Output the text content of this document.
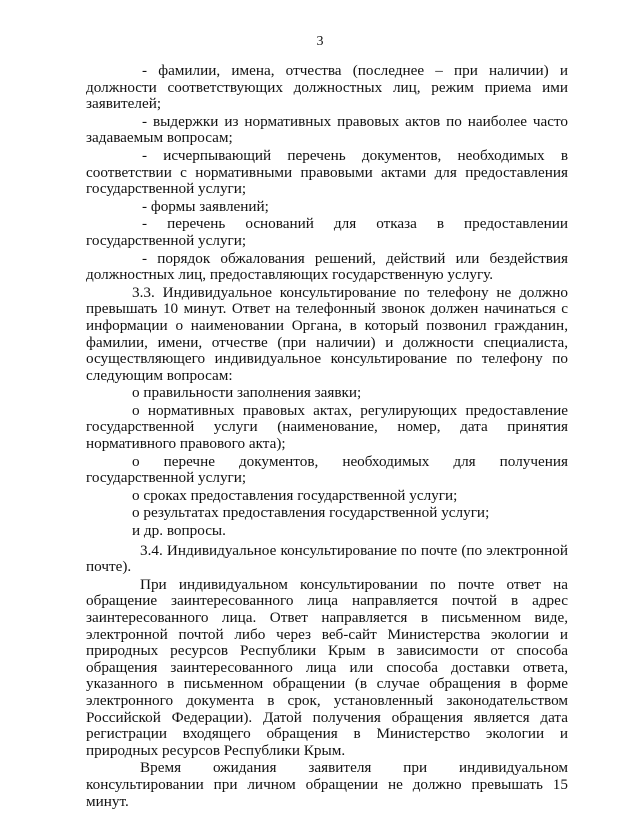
3

- фамилии, имена, отчества (последнее – при наличии) и должности соответствующих должностных лиц, режим приема ими заявителей;

- выдержки из нормативных правовых актов по наиболее часто задаваемым вопросам;

- исчерпывающий перечень документов, необходимых в соответствии с нормативными правовыми актами для предоставления государственной услуги;

- формы заявлений;

- перечень оснований для отказа в предоставлении государственной услуги;

- порядок обжалования решений, действий или бездействия должностных лиц, предоставляющих государственную услугу.

3.3. Индивидуальное консультирование по телефону не должно превышать 10 минут. Ответ на телефонный звонок должен начинаться с информации о наименовании Органа, в который позвонил гражданин, фамилии, имени, отчестве (при наличии) и должности специалиста, осуществляющего индивидуальное консультирование по телефону по следующим вопросам:

о правильности заполнения заявки;

о нормативных правовых актах, регулирующих предоставление государственной услуги (наименование, номер, дата принятия нормативного правового акта);

о перечне документов, необходимых для получения государственной услуги;

о сроках предоставления государственной услуги;

о результатах предоставления государственной услуги;

и др. вопросы.

3.4. Индивидуальное консультирование по почте (по электронной почте).

При индивидуальном консультировании по почте ответ на обращение заинтересованного лица направляется почтой в адрес заинтересованного лица. Ответ направляется в письменном виде, электронной почтой либо через веб-сайт Министерства экологии и природных ресурсов Республики Крым в зависимости от способа обращения заинтересованного лица или способа доставки ответа, указанного в письменном обращении (в случае обращения в форме электронного документа в срок, установленный законодательством Российской Федерации). Датой получения обращения является дата регистрации входящего обращения в Министерство экологии и природных ресурсов Республики Крым.

Время ожидания заявителя при индивидуальном консультировании при личном обращении не должно превышать 15 минут.
